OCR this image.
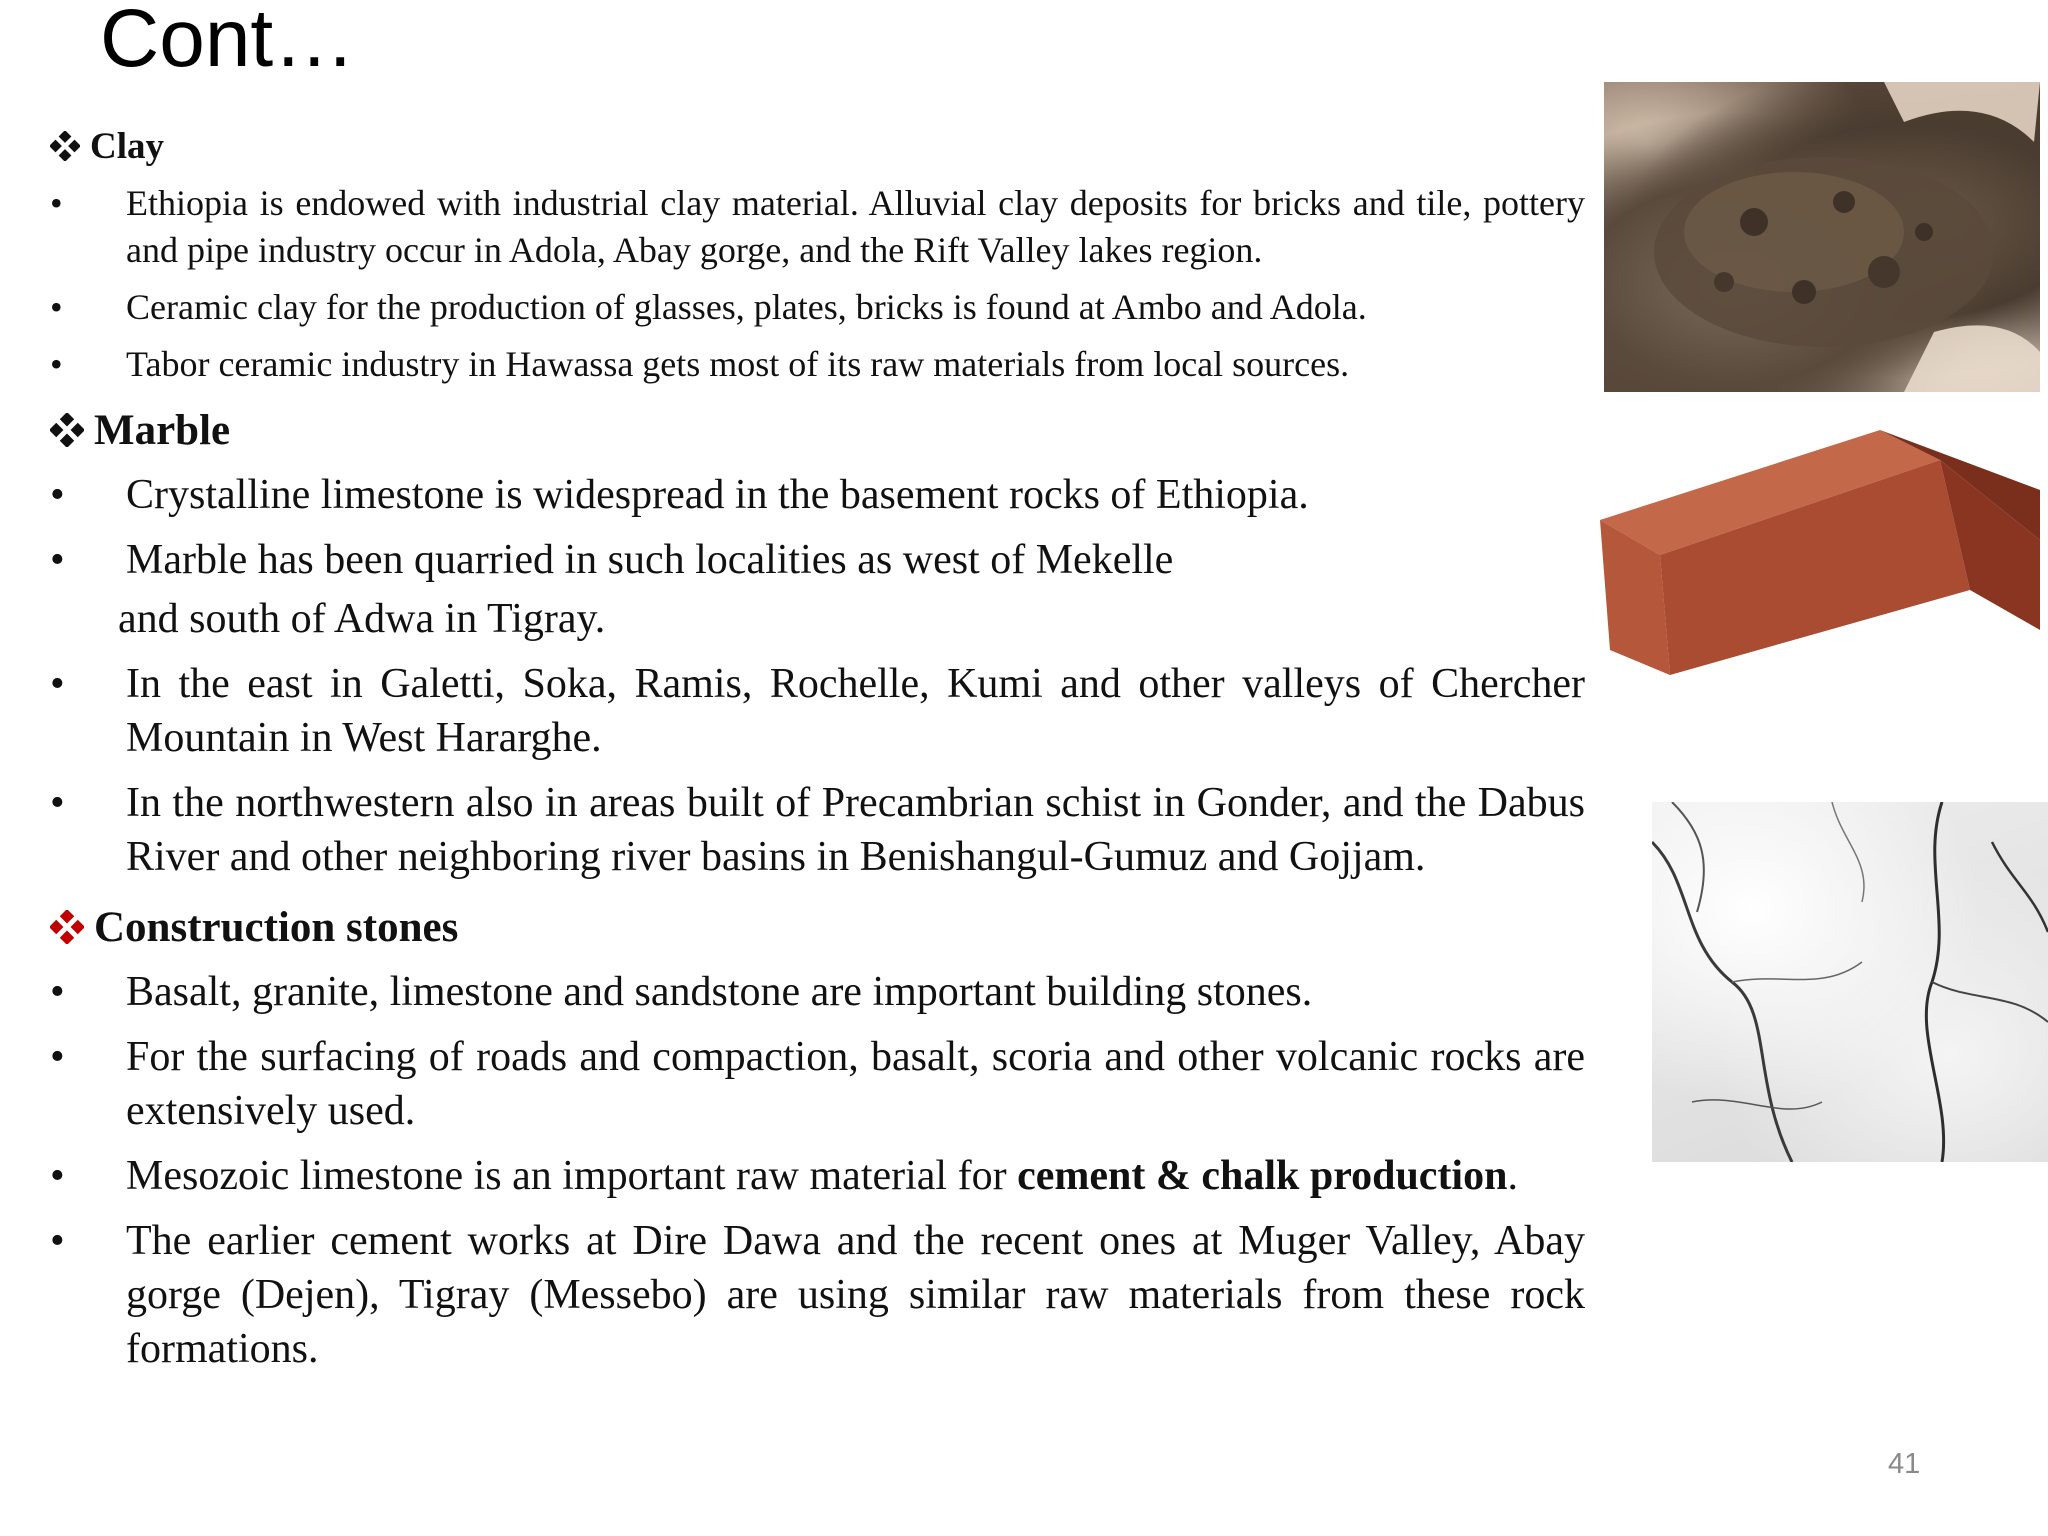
Cont…
Clay
• Ethiopia is endowed with industrial clay material. Alluvial clay deposits for bricks and tile, pottery and pipe industry occur in Adola, Abay gorge, and the Rift Valley lakes region.
• Ceramic clay for the production of glasses, plates, bricks is found at Ambo and Adola.
• Tabor ceramic industry in Hawassa gets most of its raw materials from local sources.
Marble
• Crystalline limestone is widespread in the basement rocks of Ethiopia.
• Marble has been quarried in such localities as west of Mekelle
and south of Adwa in Tigray.
• In the east in Galetti, Soka, Ramis, Rochelle, Kumi and other valleys of Chercher Mountain in West Hararghe.
• In the northwestern also in areas built of Precambrian schist in Gonder, and the Dabus River and other neighboring river basins in Benishangul-Gumuz and Gojjam.
Construction stones
• Basalt, granite, limestone and sandstone are important building stones.
• For the surfacing of roads and compaction, basalt, scoria and other volcanic rocks are extensively used.
• Mesozoic limestone is an important raw material for cement & chalk production.
• The earlier cement works at Dire Dawa and the recent ones at Muger Valley, Abay gorge (Dejen), Tigray (Messebo) are using similar raw materials from these rock formations.
41
